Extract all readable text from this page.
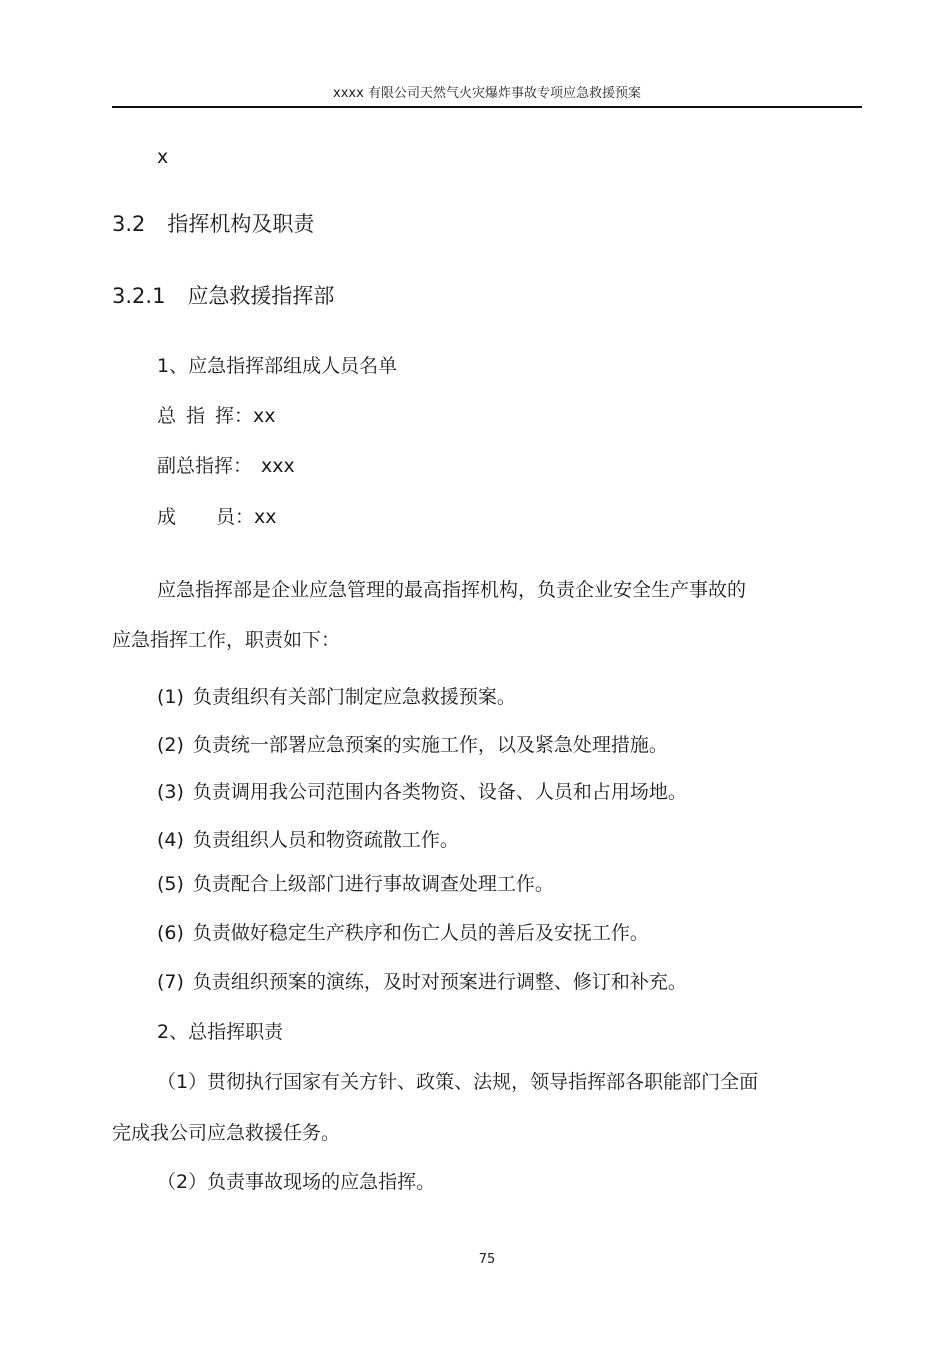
xxxx 有限公司天然气火灾爆炸事故专项应急救援预案
x
3.2 指挥机构及职责
3.2.1 应急救援指挥部
1、应急指挥部组成人员名单
总 指 挥：xx
副总指挥： xxx
成 员：xx
应急指挥部是企业应急管理的最高指挥机构，负责企业安全生产事故的
应急指挥工作，职责如下：
(1) 负责组织有关部门制定应急救援预案。
(2) 负责统一部署应急预案的实施工作，以及紧急处理措施。
(3) 负责调用我公司范围内各类物资、设备、人员和占用场地。
(4) 负责组织人员和物资疏散工作。
(5) 负责配合上级部门进行事故调查处理工作。
(6) 负责做好稳定生产秩序和伤亡人员的善后及安抚工作。
(7) 负责组织预案的演练，及时对预案进行调整、修订和补充。
2、总指挥职责
（1）贯彻执行国家有关方针、政策、法规，领导指挥部各职能部门全面
完成我公司应急救援任务。
（2）负责事故现场的应急指挥。
75
